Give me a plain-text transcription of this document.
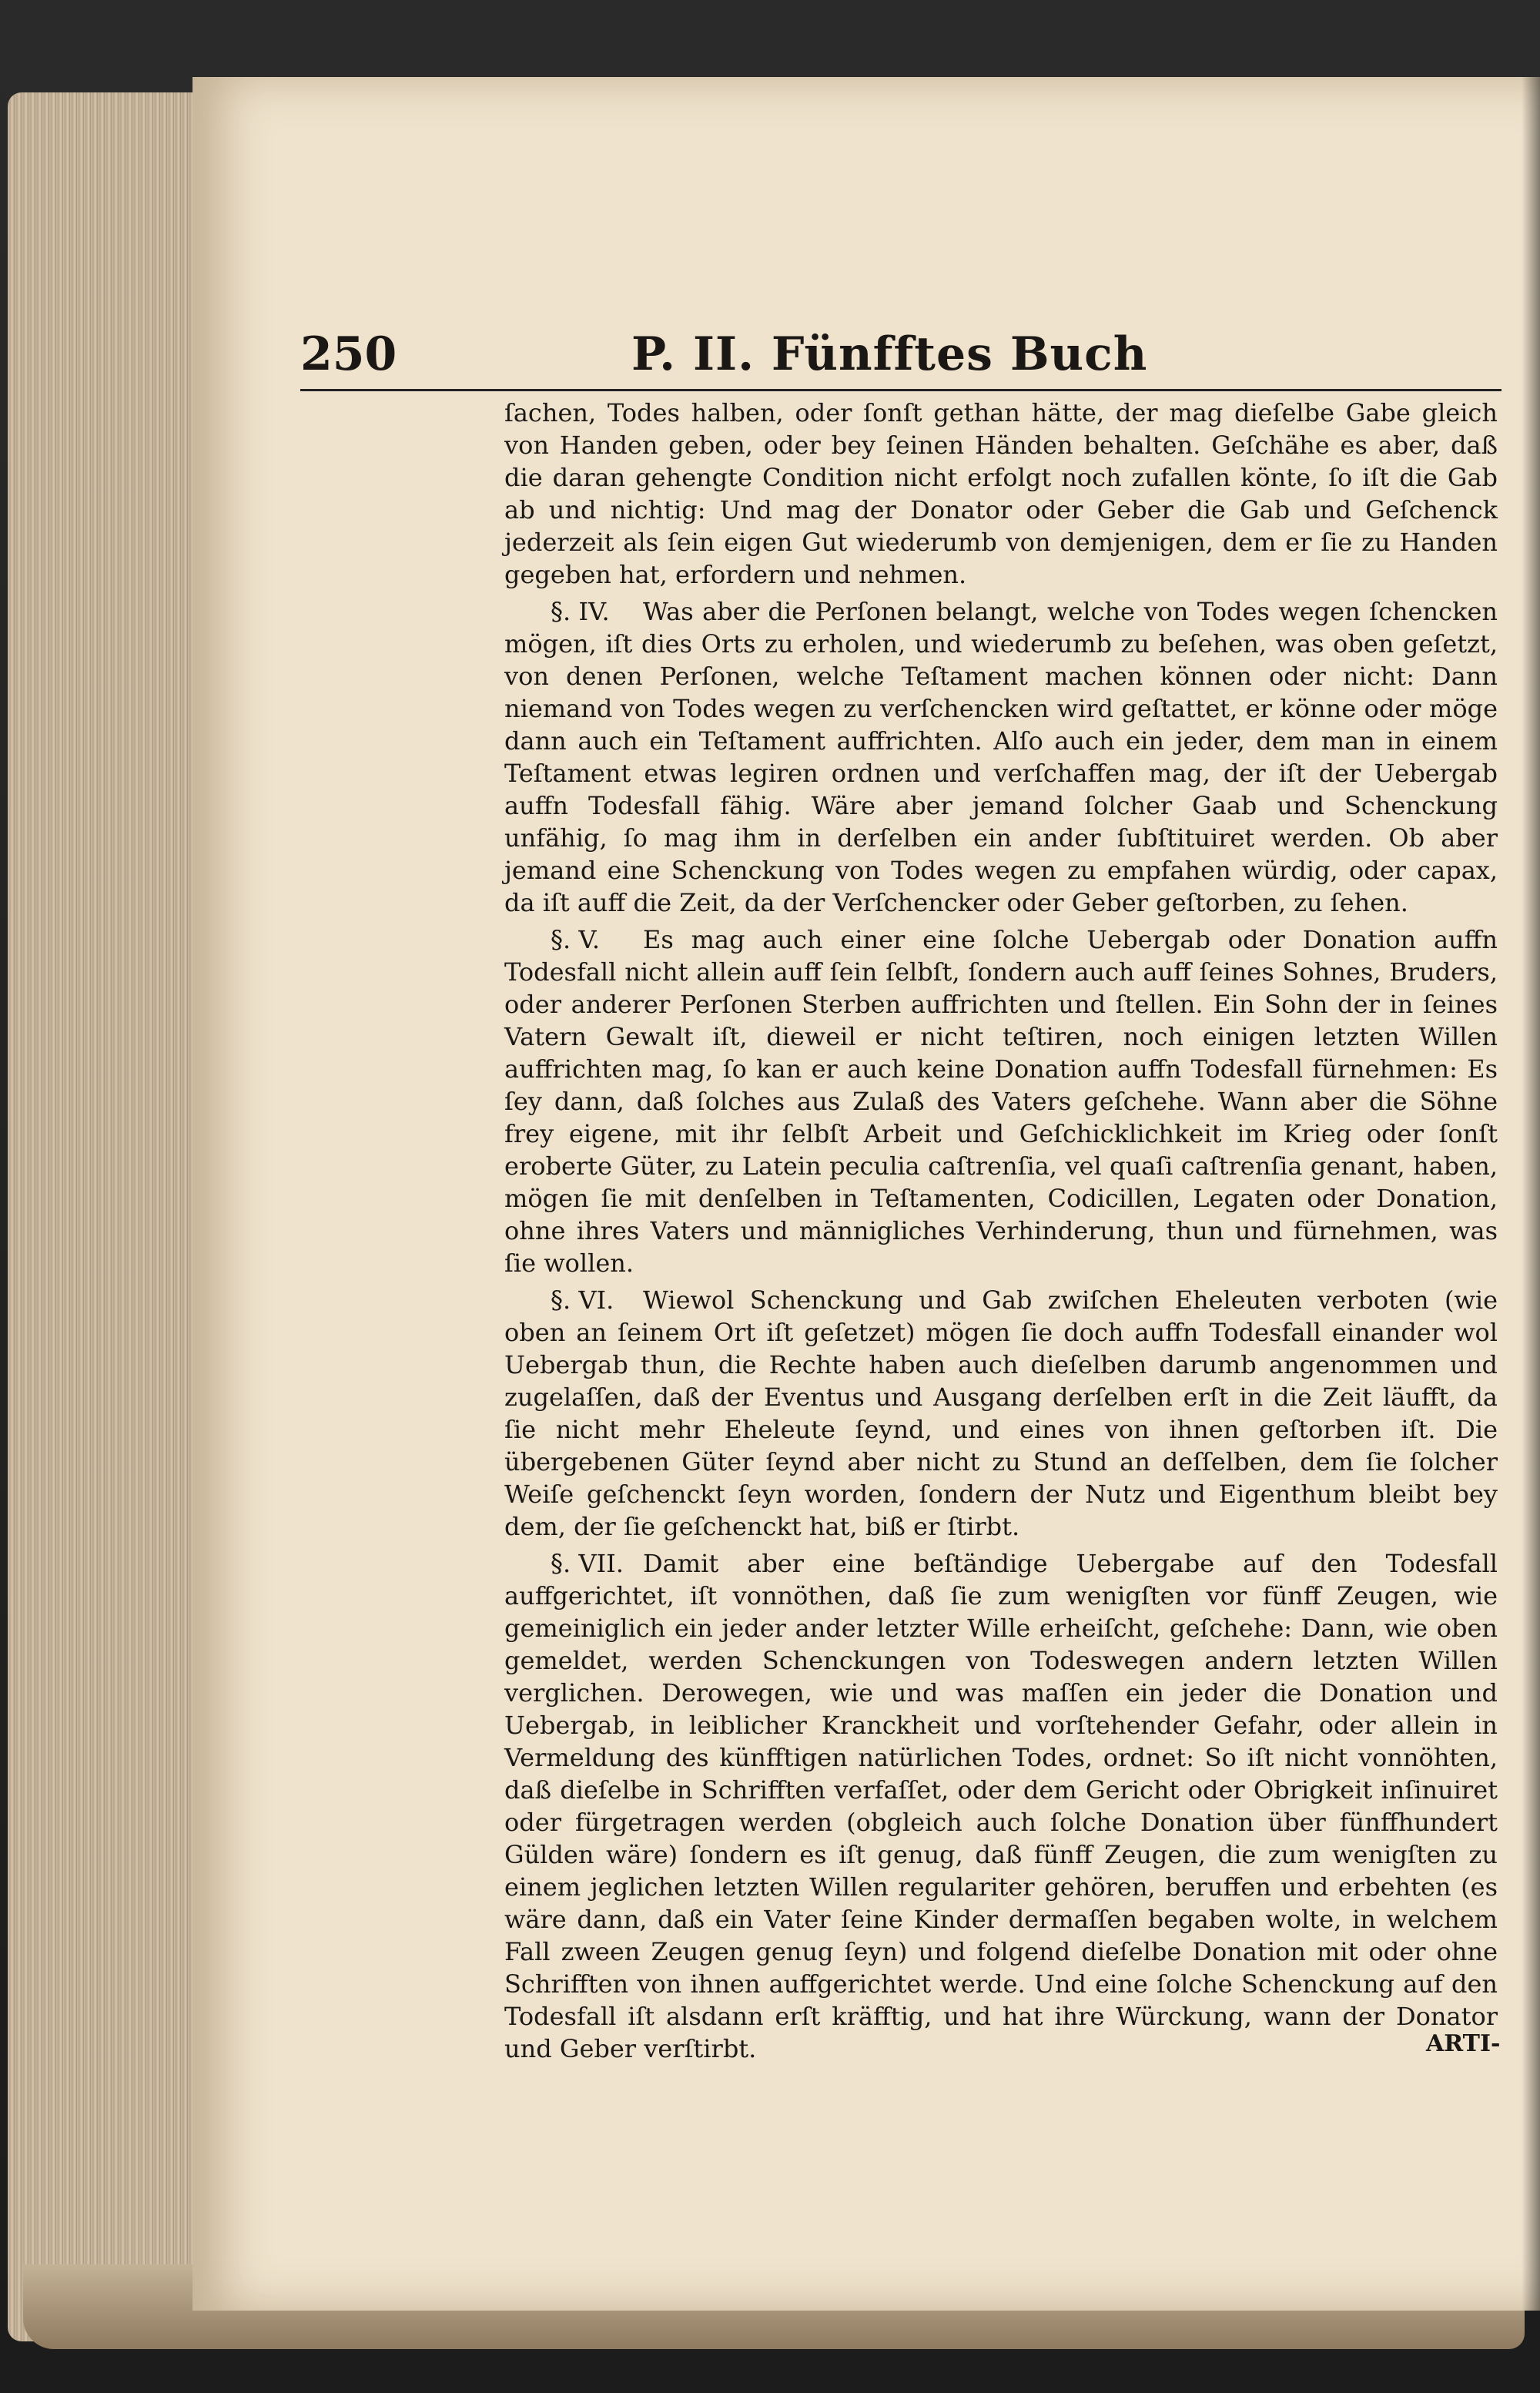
250	P. II. Fünfftes Buch

ſachen, Todes halben, oder ſonſt gethan hätte, der mag dieſelbe Gabe gleich von Handen geben, oder bey ſeinen Händen behalten. Geſchähe es aber, daß die daran gehengte Condition nicht erfolgt noch zufallen könte, ſo iſt die Gab ab und nichtig: Und mag der Donator oder Geber die Gab und Geſchenck jederzeit als ſein eigen Gut wiederumb von demjenigen, dem er ſie zu Handen gegeben hat, erfordern und nehmen.

§. IV. Was aber die Perſonen belangt, welche von Todes wegen ſchencken mögen, iſt dies Orts zu erholen, und wiederumb zu beſehen, was oben geſetzt, von denen Perſonen, welche Teſtament machen können oder nicht: Dann niemand von Todes wegen zu verſchencken wird geſtattet, er könne oder möge dann auch ein Teſtament auffrichten. Alſo auch ein jeder, dem man in einem Teſtament etwas legiren ordnen und verſchaffen mag, der iſt der Uebergab auffn Todesfall fähig. Wäre aber jemand ſolcher Gaab und Schenckung unfähig, ſo mag ihm in derſelben ein ander ſubſtituiret werden. Ob aber jemand eine Schenckung von Todes wegen zu empfahen würdig, oder capax, da iſt auff die Zeit, da der Verſchencker oder Geber geſtorben, zu ſehen.

§. V. Es mag auch einer eine ſolche Uebergab oder Donation auffn Todesfall nicht allein auff ſein ſelbſt, ſondern auch auff ſeines Sohnes, Bruders, oder anderer Perſonen Sterben auffrichten und ſtellen. Ein Sohn der in ſeines Vatern Gewalt iſt, dieweil er nicht teſtiren, noch einigen letzten Willen auffrichten mag, ſo kan er auch keine Donation auffn Todesfall fürnehmen: Es ſey dann, daß ſolches aus Zulaß des Vaters geſchehe. Wann aber die Söhne frey eigene, mit ihr ſelbſt Arbeit und Geſchicklichkeit im Krieg oder ſonſt eroberte Güter, zu Latein peculia caſtrenſia, vel quaſi caſtrenſia genant, haben, mögen ſie mit denſelben in Teſtamenten, Codicillen, Legaten oder Donation, ohne ihres Vaters und männigliches Verhinderung, thun und fürnehmen, was ſie wollen.

§. VI. Wiewol Schenckung und Gab zwiſchen Eheleuten verboten (wie oben an ſeinem Ort iſt geſetzet) mögen ſie doch auffn Todesfall einander wol Uebergab thun, die Rechte haben auch dieſelben darumb angenommen und zugelaſſen, daß der Eventus und Ausgang derſelben erſt in die Zeit läufft, da ſie nicht mehr Eheleute ſeynd, und eines von ihnen geſtorben iſt. Die übergebenen Güter ſeynd aber nicht zu Stund an deſſelben, dem ſie ſolcher Weiſe geſchenckt ſeyn worden, ſondern der Nutz und Eigenthum bleibt bey dem, der ſie geſchenckt hat, biß er ſtirbt.

§. VII. Damit aber eine beſtändige Uebergabe auf den Todesfall auffgerichtet, iſt vonnöthen, daß ſie zum wenigſten vor fünff Zeugen, wie gemeiniglich ein jeder ander letzter Wille erheiſcht, geſchehe: Dann, wie oben gemeldet, werden Schenckungen von Todeswegen andern letzten Willen verglichen. Derowegen, wie und was maſſen ein jeder die Donation und Uebergab, in leiblicher Kranckheit und vorſtehender Gefahr, oder allein in Vermeldung des künfftigen natürlichen Todes, ordnet: So iſt nicht vonnöhten, daß dieſelbe in Schrifften verfaſſet, oder dem Gericht oder Obrigkeit inſinuiret oder fürgetragen werden (obgleich auch ſolche Donation über fünffhundert Gülden wäre) ſondern es iſt genug, daß fünff Zeugen, die zum wenigſten zu einem jeglichen letzten Willen regulariter gehören, beruffen und erbehten (es wäre dann, daß ein Vater ſeine Kinder dermaſſen begaben wolte, in welchem Fall zween Zeugen genug ſeyn) und folgend dieſelbe Donation mit oder ohne Schrifften von ihnen auffgerichtet werde. Und eine ſolche Schenckung auf den Todesfall iſt alsdann erſt kräfftig, und hat ihre Würckung, wann der Donator und Geber verſtirbt.	ARTI-
